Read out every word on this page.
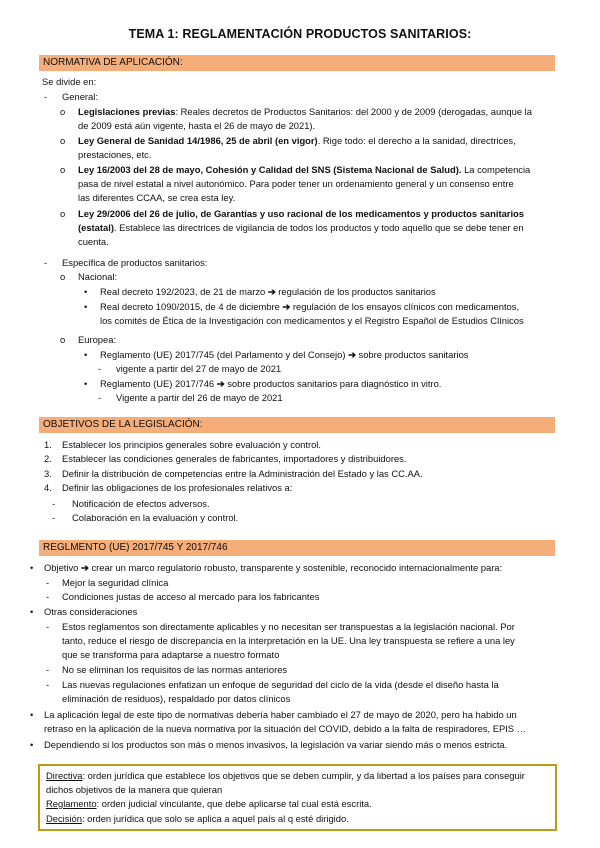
TEMA 1: REGLAMENTACIÓN PRODUCTOS SANITARIOS:
NORMATIVA DE APLICACIÓN:
Se divide en:
- General:
o Legislaciones previas: Reales decretos de Productos Sanitarios: del 2000 y de 2009 (derogadas, aunque la
de 2009 está aún vigente, hasta el 26 de mayo de 2021).
o Ley General de Sanidad 14/1986, 25 de abril (en vigor). Rige todo: el derecho a la sanidad, directrices,
prestaciones, etc.
o Ley 16/2003 del 28 de mayo, Cohesión y Calidad del SNS (Sistema Nacional de Salud). La competencia
pasa de nivel estatal a nivel autonómico. Para poder tener un ordenamiento general y un consenso entre
las diferentes CCAA, se crea esta ley.
o Ley 29/2006 del 26 de julio, de Garantías y uso racional de los medicamentos y productos sanitarios
(estatal). Establece las directrices de vigilancia de todos los productos y todo aquello que se debe tener en
cuenta.
- Específica de productos sanitarios:
o Nacional:
• Real decreto 192/2023, de 21 de marzo ➔ regulación de los productos sanitarios
• Real decreto 1090/2015, de 4 de diciembre ➔ regulación de los ensayos clínicos con medicamentos,
los comités de Ética de la Investigación con medicamentos y el Registro Español de Estudios Clínicos
o Europea:
• Reglamento (UE) 2017/745 (del Parlamento y del Consejo) ➔ sobre productos sanitarios
- vigente a partir del 27 de mayo de 2021
• Reglamento (UE) 2017/746 ➔ sobre productos sanitarios para diagnóstico in vitro.
- Vigente a partir del 26 de mayo de 2021
OBJETIVOS DE LA LEGISLACIÓN:
1. Establecer los principios generales sobre evaluación y control.
2. Establecer las condiciones generales de fabricantes, importadores y distribuidores.
3. Definir la distribución de competencias entre la Administración del Estado y las CC.AA.
4. Definir las obligaciones de los profesionales relativos a:
- Notificación de efectos adversos.
- Colaboración en la evaluación y control.
REGLMENTO (UE) 2017/745 Y 2017/746
• Objetivo ➔ crear un marco regulatorio robusto, transparente y sostenible, reconocido internacionalmente para:
- Mejor la seguridad clínica
- Condiciones justas de acceso al mercado para los fabricantes
• Otras consideraciones
- Estos reglamentos son directamente aplicables y no necesitan ser transpuestas a la legislación nacional. Por
tanto, reduce el riesgo de discrepancia en la interpretación en la UE. Una ley transpuesta se refiere a una ley
que se transforma para adaptarse a nuestro formato
- No se eliminan los requisitos de las normas anteriores
- Las nuevas regulaciones enfatizan un enfoque de seguridad del ciclo de la vida (desde el diseño hasta la
eliminación de residuos), respaldado por datos clínicos
• La aplicación legal de este tipo de normativas debería haber cambiado el 27 de mayo de 2020, pero ha habido un
retraso en la aplicación de la nueva normativa por la situación del COVID, debido a la falta de respiradores, EPIS …
• Dependiendo si los productos son más o menos invasivos, la legislación va variar siendo más o menos estricta.
Directiva: orden jurídica que establece los objetivos que se deben cumplir, y da libertad a los países para conseguir
dichos objetivos de la manera que quieran
Reglamento: orden judicial vinculante, que debe aplicarse tal cual está escrita.
Decisión: orden jurídica que solo se aplica a aquel país al q esté dirigido.
